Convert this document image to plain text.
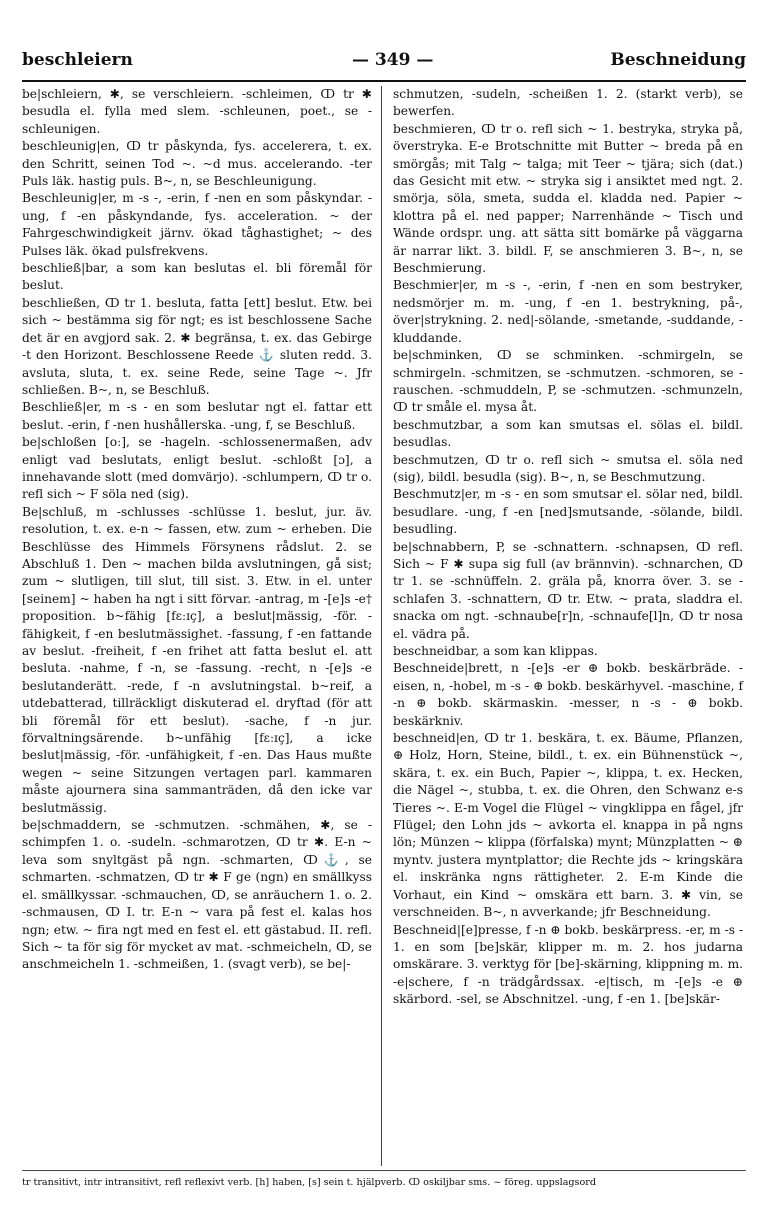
beschleiern	— 349 —	Beschneidung

be|schleiern, ✱, se verschleiern. -schleimen, ↀ tr ✱ besudla el. fylla med slem. -schleunen, poet., se -schleunigen.

beschleunig|en, ↀ tr påskynda, fys. accelerera, t. ex. den Schritt, seinen Tod ~. ~d mus. accelerando. -ter Puls läk. hastig puls. B~, n, se Beschleunigung.

Beschleunig|er, m -s -, -erin, f -nen en som påskyndar. -ung, f -en påskyndande, fys. acceleration. ~ der Fahrgeschwindigkeit järnv. ökad tåghastighet; ~ des Pulses läk. ökad pulsfrekvens.

beschließ|bar, a som kan beslutas el. bli föremål för beslut.

beschließen, ↀ tr 1. besluta, fatta [ett] beslut. Etw. bei sich ~ bestämma sig för ngt; es ist beschlossene Sache det är en avgjord sak. 2. ✱ begränsa, t. ex. das Gebirge -t den Horizont. Beschlossene Reede ⚓ sluten redd. 3. avsluta, sluta, t. ex. seine Rede, seine Tage ~. Jfr schließen. B~, n, se Beschluß.

Beschließ|er, m -s - en som beslutar ngt el. fattar ett beslut. -erin, f -nen hushållerska. -ung, f, se Beschluß.

be|schloßen [oː], se -hageln. -schlossenermaßen, adv enligt vad beslutats, enligt beslut. -schloßt [ɔ], a innehavande slott (med domvärjo). -schlumpern, ↀ tr o. refl sich ~ F söla ned (sig).

Be|schluß, m -schlusses -schlüsse 1. beslut, jur. äv. resolution, t. ex. e-n ~ fassen, etw. zum ~ erheben. Die Beschlüsse des Himmels Försynens rådslut. 2. se Abschluß 1. Den ~ machen bilda avslutningen, gå sist; zum ~ slutligen, till slut, till sist. 3. Etw. in el. unter [seinem] ~ haben ha ngt i sitt förvar. -antrag, m -[e]s -e† proposition. b~fähig [fɛːɪç], a beslut|mässig, -för. -fähigkeit, f -en beslutmässighet. -fassung, f -en fattande av beslut. -freiheit, f -en frihet att fatta beslut el. att besluta. -nahme, f -n, se -fassung. -recht, n -[e]s -e beslutanderätt. -rede, f -n avslutningstal. b~reif, a utdebatterad, tillräckligt diskuterad el. dryftad (för att bli föremål för ett beslut). -sache, f -n jur. förvaltningsärende. b~unfähig [fɛːɪç], a icke beslut|mässig, -för. -unfähigkeit, f -en. Das Haus mußte wegen ~ seine Sitzungen vertagen parl. kammaren måste ajournera sina sammanträden, då den icke var beslutmässig.

be|schmaddern, se -schmutzen. -schmähen, ✱, se -schimpfen 1. o. -sudeln. -schmarotzen, ↀ tr ✱. E-n ~ leva som snyltgäst på ngn. -schmarten, ↀ⚓, se schmarten. -schmatzen, ↀ tr ✱ F ge (ngn) en smällkyss el. smällkyssar. -schmauchen, ↀ, se anräuchern 1. o. 2. -schmausen, ↀ I. tr. E-n ~ vara på fest el. kalas hos ngn; etw. ~ fira ngt med en fest el. ett gästabud. II. refl. Sich ~ ta för sig för mycket av mat. -schmeicheln, ↀ, se anschmeicheln 1. -schmeißen, 1. (svagt verb), se be|-

schmutzen, -sudeln, -scheißen 1. 2. (starkt verb), se bewerfen.

beschmieren, ↀ tr o. refl sich ~ 1. bestryka, stryka på, överstryka. E-e Brotschnitte mit Butter ~ breda på en smörgås; mit Talg ~ talga; mit Teer ~ tjära; sich (dat.) das Gesicht mit etw. ~ stryka sig i ansiktet med ngt. 2. smörja, söla, smeta, sudda el. kladda ned. Papier ~ klottra på el. ned papper; Narrenhände ~ Tisch und Wände ordspr. ung. att sätta sitt bomärke på väggarna är narrar likt. 3. bildl. F, se anschmieren 3. B~, n, se Beschmierung.

Beschmier|er, m -s -, -erin, f -nen en som bestryker, nedsmörjer m. m. -ung, f -en 1. bestrykning, på-, över|strykning. 2. ned|-sölande, -smetande, -suddande, -kluddande.

be|schminken, ↀ se schminken. -schmirgeln, se schmirgeln. -schmitzen, se -schmutzen. -schmoren, se -rauschen. -schmuddeln, P, se -schmutzen. -schmunzeln, ↀ tr småle el. mysa åt.

beschmutzbar, a som kan smutsas el. sölas el. bildl. besudlas.

beschmutzen, ↀ tr o. refl sich ~ smutsa el. söla ned (sig), bildl. besudla (sig). B~, n, se Beschmutzung.

Beschmutz|er, m -s - en som smutsar el. sölar ned, bildl. besudlare. -ung, f -en [ned]smutsande, -sölande, bildl. besudling.

be|schnabbern, P, se -schnattern. -schnapsen, ↀ refl. Sich ~ F ✱ supa sig full (av brännvin). -schnarchen, ↀ tr 1. se -schnüffeln. 2. gräla på, knorra över. 3. se -schlafen 3. -schnattern, ↀ tr. Etw. ~ prata, sladdra el. snacka om ngt. -schnaube[r]n, -schnaufe[l]n, ↀ tr nosa el. vädra på.

beschneidbar, a som kan klippas.

Beschneide|brett, n -[e]s -er ⊕ bokb. beskärbräde. -eisen, n, -hobel, m -s - ⊕ bokb. beskärhyvel. -maschine, f -n ⊕ bokb. skärmaskin. -messer, n -s - ⊕ bokb. beskärkniv.

beschneid|en, ↀ tr 1. beskära, t. ex. Bäume, Pflanzen, ⊕ Holz, Horn, Steine, bildl., t. ex. ein Bühnenstück ~, skära, t. ex. ein Buch, Papier ~, klippa, t. ex. Hecken, die Nägel ~, stubba, t. ex. die Ohren, den Schwanz e-s Tieres ~. E-m Vogel die Flügel ~ vingklippa en fågel, jfr Flügel; den Lohn jds ~ avkorta el. knappa in på ngns lön; Münzen ~ klippa (förfalska) mynt; Münzplatten ~ ⊕ myntv. justera myntplattor; die Rechte jds ~ kringskära el. inskränka ngns rättigheter. 2. E-m Kinde die Vorhaut, ein Kind ~ omskära ett barn. 3. ✱ vin, se verschneiden. B~, n avverkande; jfr Beschneidung.

Beschneid|[e]presse, f -n ⊕ bokb. beskärpress. -er, m -s - 1. en som [be]skär, klipper m. m. 2. hos judarna omskärare. 3. verktyg för [be]-skärning, klippning m. m. -e|schere, f -n trädgårdssax. -e|tisch, m -[e]s -e ⊕ skärbord. -sel, se Abschnitzel. -ung, f -en 1. [be]skär-

tr transitivt, intr intransitivt, refl reflexivt verb. [h] haben, [s] sein t. hjälpverb. ↀ oskiljbar sms. ~ föreg. uppslagsord
